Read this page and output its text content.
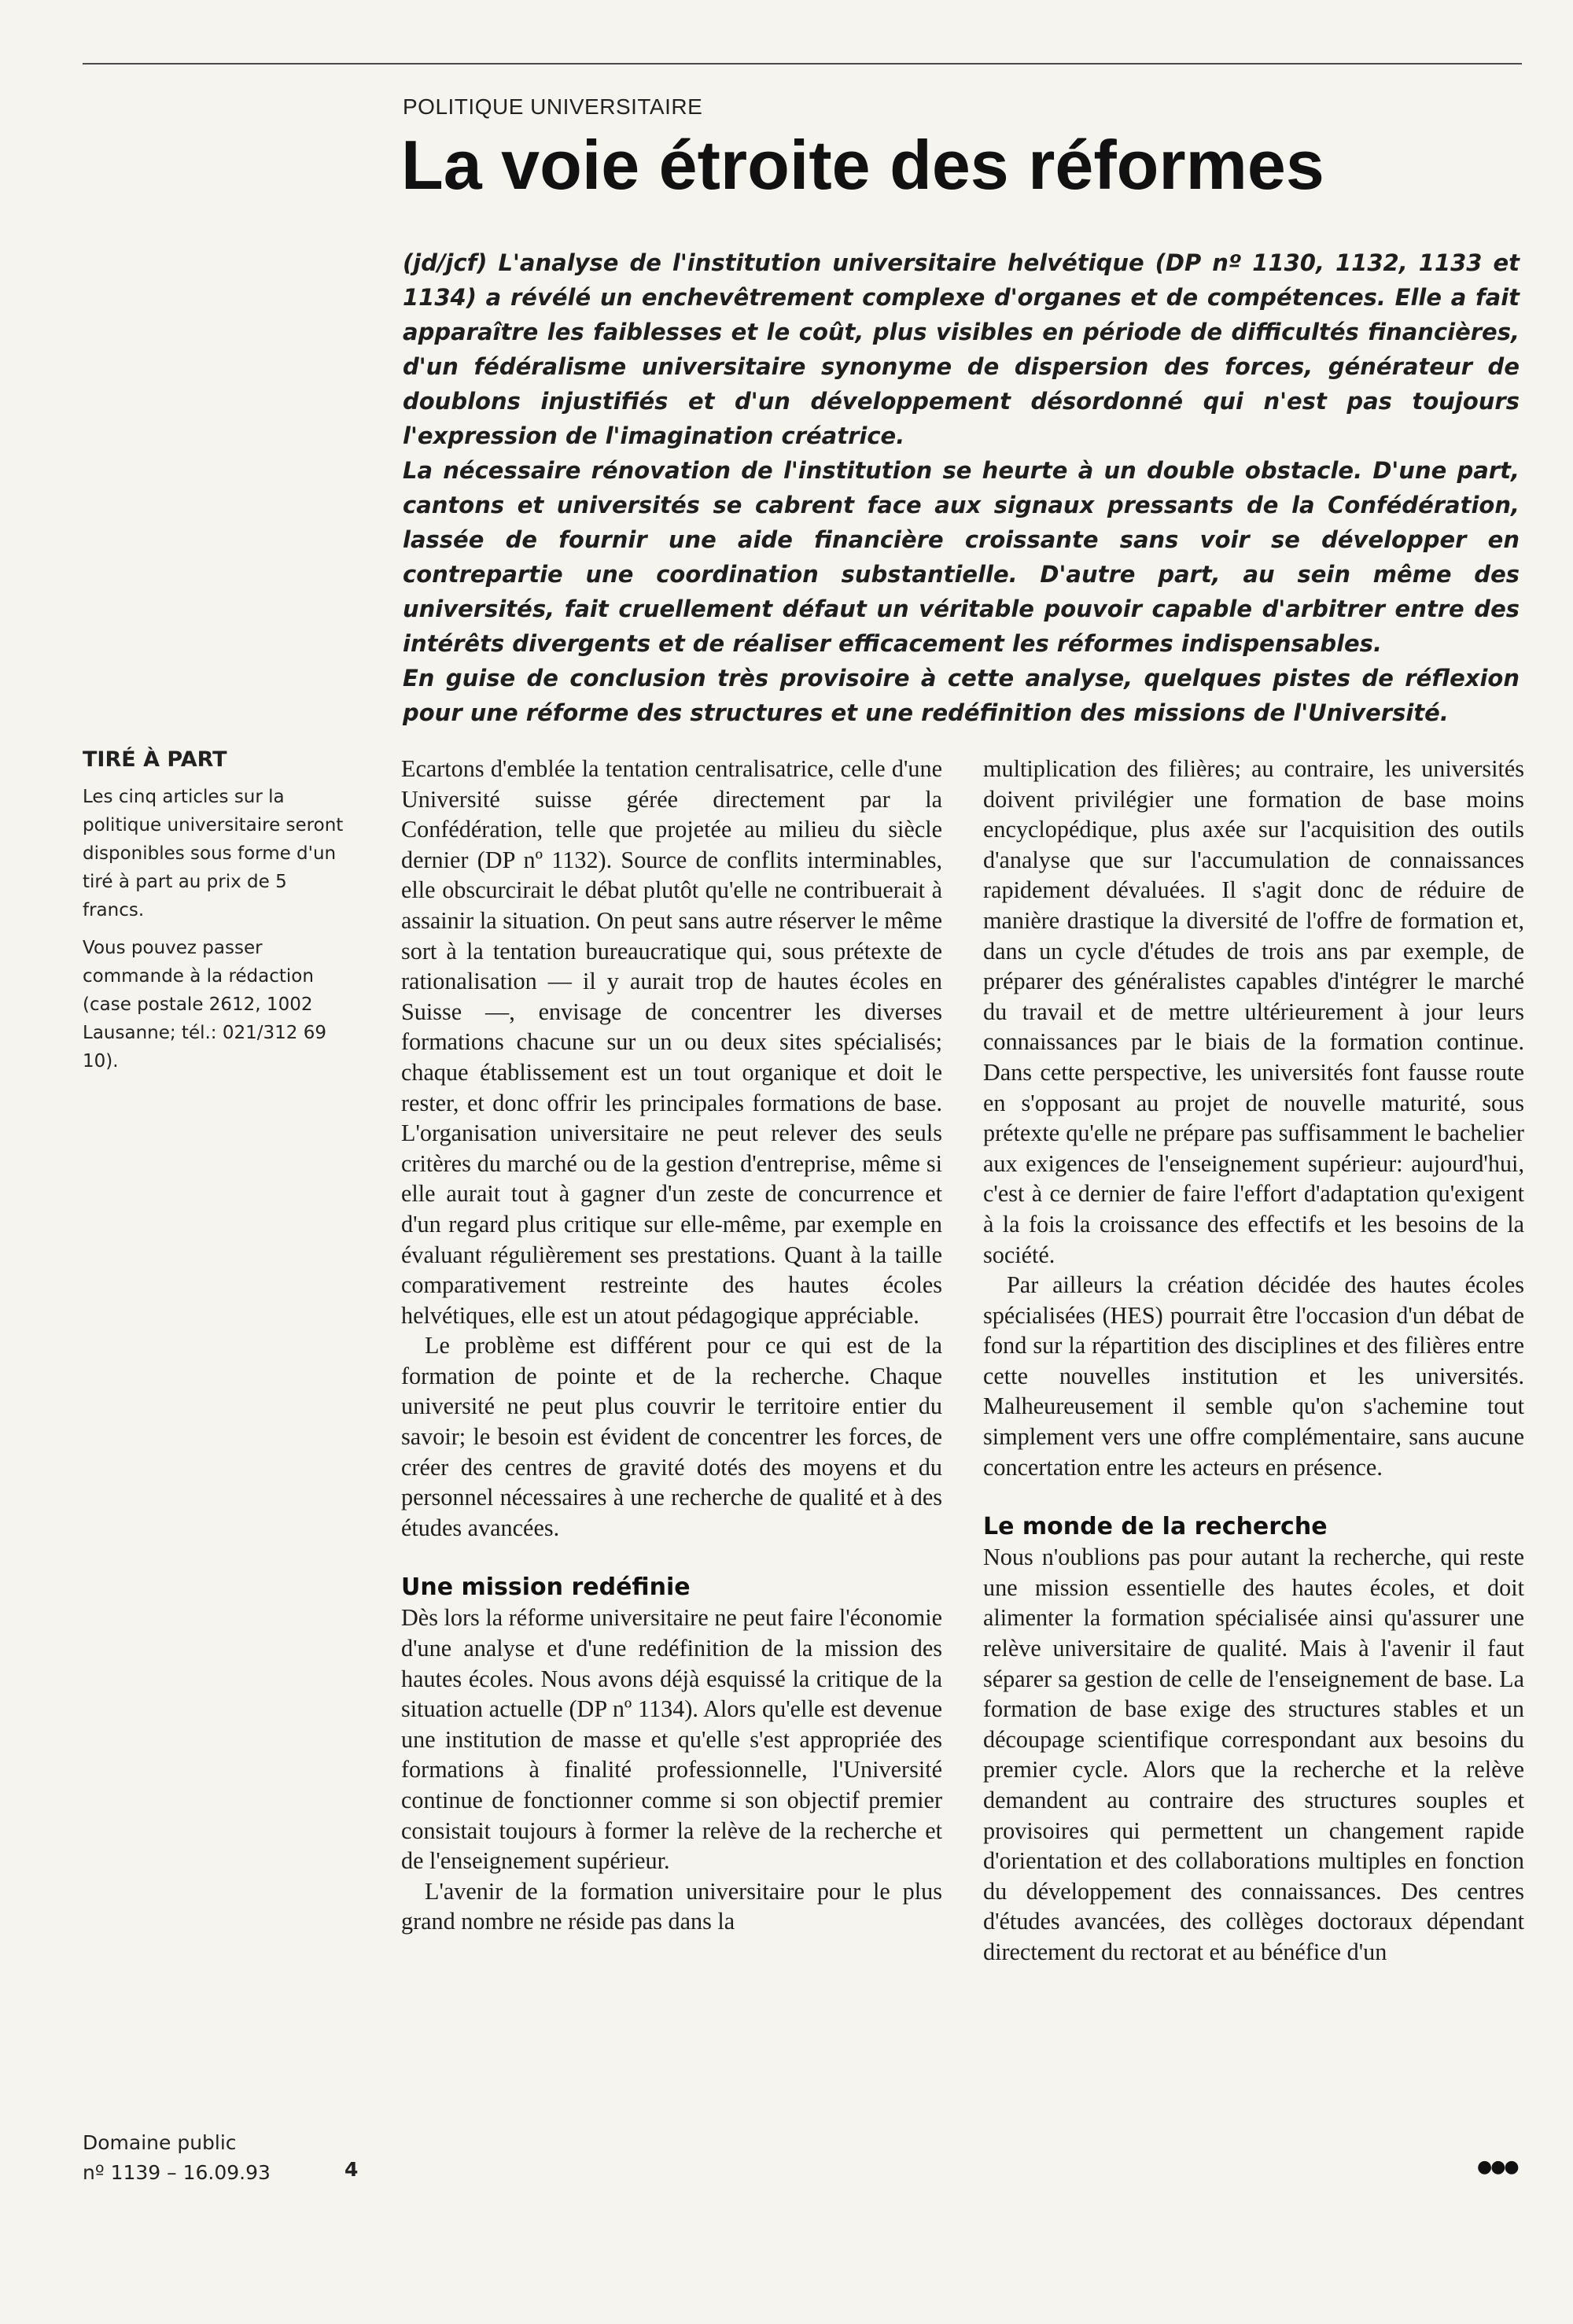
POLITIQUE UNIVERSITAIRE
La voie étroite des réformes

(jd/jcf) L'analyse de l'institution universitaire helvétique (DP nº 1130, 1132, 1133 et 1134) a révélé un enchevêtrement complexe d'organes et de compétences. Elle a fait apparaître les faiblesses et le coût, plus visibles en période de difficultés financières, d'un fédéralisme universitaire synonyme de dispersion des forces, générateur de doublons injustifiés et d'un développement désordonné qui n'est pas toujours l'expression de l'imagination créatrice.

La nécessaire rénovation de l'institution se heurte à un double obstacle. D'une part, cantons et universités se cabrent face aux signaux pressants de la Confédération, lassée de fournir une aide financière croissante sans voir se développer en contrepartie une coordination substantielle. D'autre part, au sein même des universités, fait cruellement défaut un véritable pouvoir capable d'arbitrer entre des intérêts divergents et de réaliser efficacement les réformes indispensables.

En guise de conclusion très provisoire à cette analyse, quelques pistes de réflexion pour une réforme des structures et une redéfinition des missions de l'Université.

TIRÉ À PART

Les cinq articles sur la politique universitaire seront disponibles sous forme d'un tiré à part au prix de 5 francs.

Vous pouvez passer commande à la rédaction (case postale 2612, 1002 Lausanne; tél.: 021/312 69 10).

Ecartons d'emblée la tentation centralisatrice, celle d'une Université suisse gérée directement par la Confédération, telle que projetée au milieu du siècle dernier (DP nº 1132). Source de conflits interminables, elle obscurcirait le débat plutôt qu'elle ne contribuerait à assainir la situation. On peut sans autre réserver le même sort à la tentation bureaucratique qui, sous prétexte de rationalisation — il y aurait trop de hautes écoles en Suisse —, envisage de concentrer les diverses formations chacune sur un ou deux sites spécialisés; chaque établissement est un tout organique et doit le rester, et donc offrir les principales formations de base. L'organisation universitaire ne peut relever des seuls critères du marché ou de la gestion d'entreprise, même si elle aurait tout à gagner d'un zeste de concurrence et d'un regard plus critique sur elle-même, par exemple en évaluant régulièrement ses prestations. Quant à la taille comparativement restreinte des hautes écoles helvétiques, elle est un atout pédagogique appréciable.

Le problème est différent pour ce qui est de la formation de pointe et de la recherche. Chaque université ne peut plus couvrir le territoire entier du savoir; le besoin est évident de concentrer les forces, de créer des centres de gravité dotés des moyens et du personnel nécessaires à une recherche de qualité et à des études avancées.

Une mission redéfinie

Dès lors la réforme universitaire ne peut faire l'économie d'une analyse et d'une redéfinition de la mission des hautes écoles. Nous avons déjà esquissé la critique de la situation actuelle (DP nº 1134). Alors qu'elle est devenue une institution de masse et qu'elle s'est appropriée des formations à finalité professionnelle, l'Université continue de fonctionner comme si son objectif premier consistait toujours à former la relève de la recherche et de l'enseignement supérieur.

L'avenir de la formation universitaire pour le plus grand nombre ne réside pas dans la

multiplication des filières; au contraire, les universités doivent privilégier une formation de base moins encyclopédique, plus axée sur l'acquisition des outils d'analyse que sur l'accumulation de connaissances rapidement dévaluées. Il s'agit donc de réduire de manière drastique la diversité de l'offre de formation et, dans un cycle d'études de trois ans par exemple, de préparer des généralistes capables d'intégrer le marché du travail et de mettre ultérieurement à jour leurs connaissances par le biais de la formation continue. Dans cette perspective, les universités font fausse route en s'opposant au projet de nouvelle maturité, sous prétexte qu'elle ne prépare pas suffisamment le bachelier aux exigences de l'enseignement supérieur: aujourd'hui, c'est à ce dernier de faire l'effort d'adaptation qu'exigent à la fois la croissance des effectifs et les besoins de la société.

Par ailleurs la création décidée des hautes écoles spécialisées (HES) pourrait être l'occasion d'un débat de fond sur la répartition des disciplines et des filières entre cette nouvelles institution et les universités. Malheureusement il semble qu'on s'achemine tout simplement vers une offre complémentaire, sans aucune concertation entre les acteurs en présence.

Le monde de la recherche

Nous n'oublions pas pour autant la recherche, qui reste une mission essentielle des hautes écoles, et doit alimenter la formation spécialisée ainsi qu'assurer une relève universitaire de qualité. Mais à l'avenir il faut séparer sa gestion de celle de l'enseignement de base. La formation de base exige des structures stables et un découpage scientifique correspondant aux besoins du premier cycle. Alors que la recherche et la relève demandent au contraire des structures souples et provisoires qui permettent un changement rapide d'orientation et des collaborations multiples en fonction du développement des connaissances. Des centres d'études avancées, des collèges doctoraux dépendant directement du rectorat et au bénéfice d'un

Domaine public
nº 1139 – 16.09.93	4	●●●
